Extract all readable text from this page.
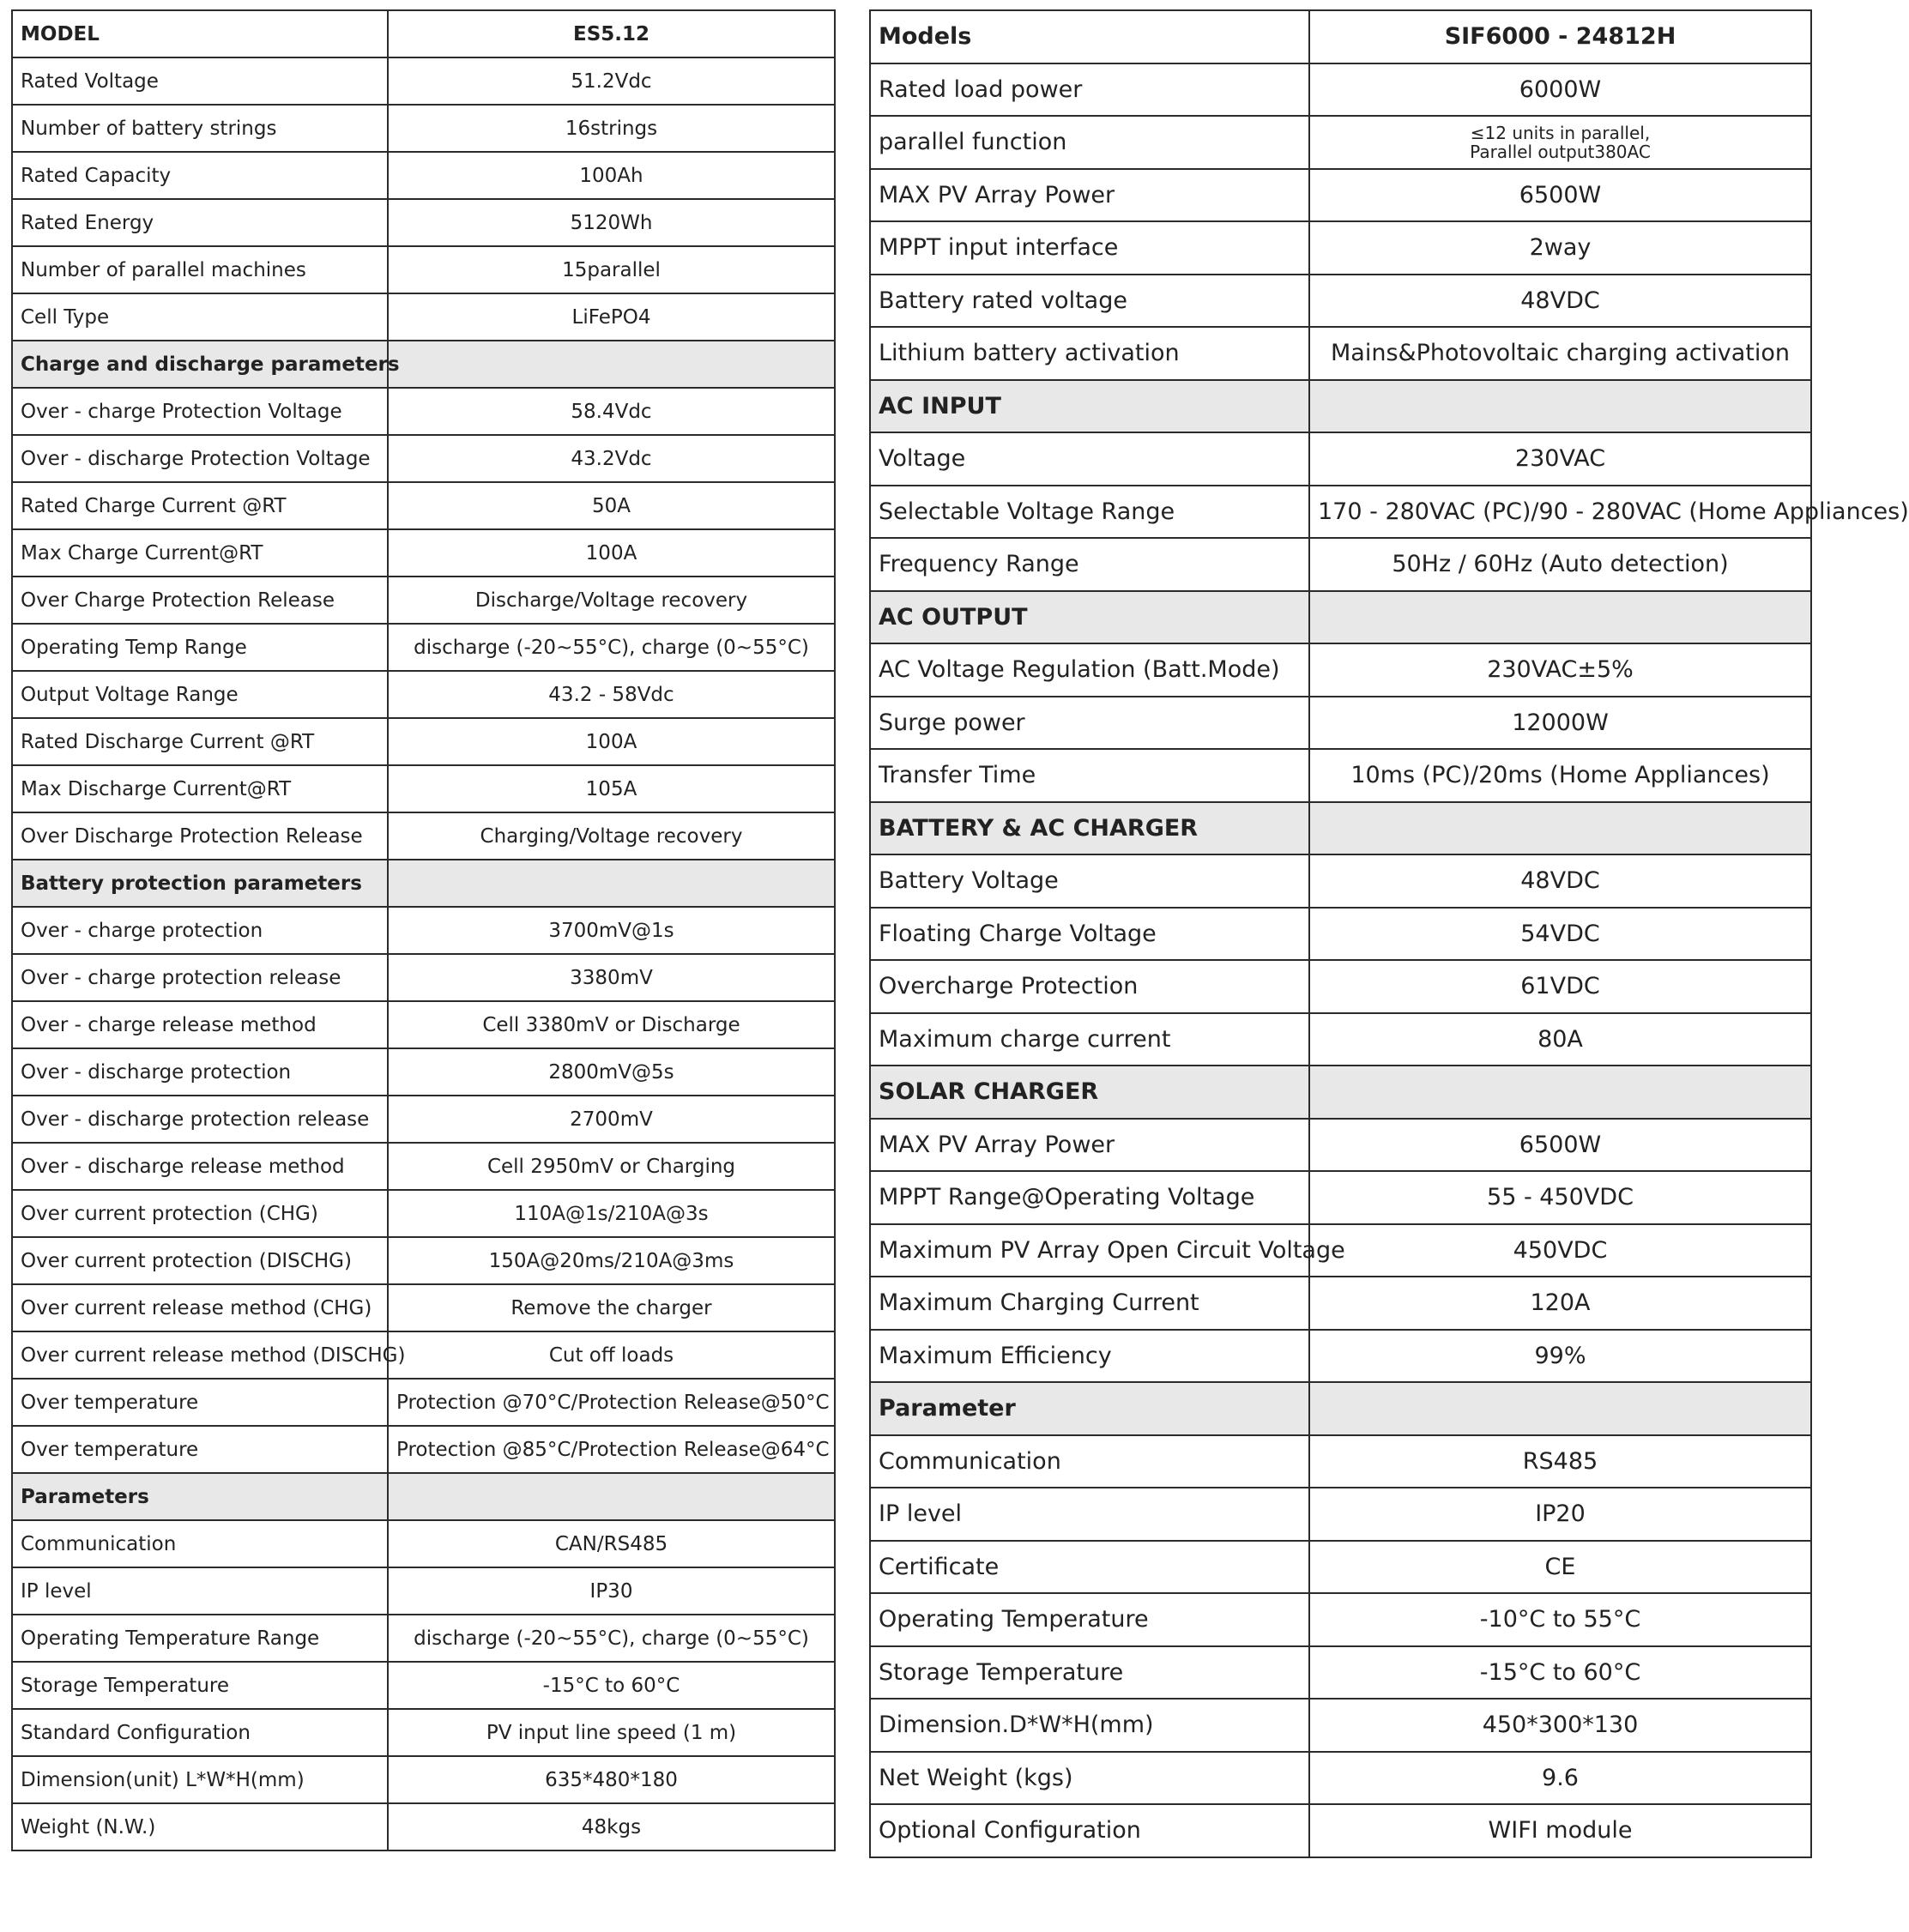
MODEL	ES5.12
Rated Voltage	51.2Vdc
Number of battery strings	16strings
Rated Capacity	100Ah
Rated Energy	5120Wh
Number of parallel machines	15parallel
Cell Type	LiFePO4
Charge and discharge parameters	
Over - charge Protection Voltage	58.4Vdc
Over - discharge Protection Voltage	43.2Vdc
Rated Charge Current @RT	50A
Max Charge Current@RT	100A
Over Charge Protection Release	Discharge/Voltage recovery
Operating Temp Range	discharge (-20~55°C), charge (0~55°C)
Output Voltage Range	43.2 - 58Vdc
Rated Discharge Current @RT	100A
Max Discharge Current@RT	105A
Over Discharge Protection Release	Charging/Voltage recovery
Battery protection parameters	
Over - charge protection	3700mV@1s
Over - charge protection release	3380mV
Over - charge release method	Cell 3380mV or Discharge
Over - discharge protection	2800mV@5s
Over - discharge protection release	2700mV
Over - discharge release method	Cell 2950mV or Charging
Over current protection (CHG)	110A@1s/210A@3s
Over current protection (DISCHG)	150A@20ms/210A@3ms
Over current release method (CHG)	Remove the charger
Over current release method (DISCHG)	Cut off loads
Over temperature	Protection @70°C/Protection Release@50°C
Over temperature	Protection @85°C/Protection Release@64°C
Parameters	
Communication	CAN/RS485
IP level	IP30
Operating Temperature Range	discharge (-20~55°C), charge (0~55°C)
Storage Temperature	-15°C to 60°C
Standard Configuration	PV input line speed (1 m)
Dimension(unit) L*W*H(mm)	635*480*180
Weight (N.W.)	48kgs
Models	SIF6000 - 24812H
Rated load power	6000W
parallel function	≤12 units in parallel,
Parallel output380AC

MAX PV Array Power	6500W
MPPT input interface	2way
Battery rated voltage	48VDC
Lithium battery activation	Mains&Photovoltaic charging activation
AC INPUT	
Voltage	230VAC
Selectable Voltage Range	170 - 280VAC (PC)/90 - 280VAC (Home Appliances)
Frequency Range	50Hz / 60Hz (Auto detection)
AC OUTPUT	
AC Voltage Regulation (Batt.Mode)	230VAC±5%
Surge power	12000W
Transfer Time	10ms (PC)/20ms (Home Appliances)
BATTERY & AC CHARGER	
Battery Voltage	48VDC
Floating Charge Voltage	54VDC
Overcharge Protection	61VDC
Maximum charge current	80A
SOLAR CHARGER	
MAX PV Array Power	6500W
MPPT Range@Operating Voltage	55 - 450VDC
Maximum PV Array Open Circuit Voltage	450VDC
Maximum Charging Current	120A
Maximum Efficiency	99%
Parameter	
Communication	RS485
IP level	IP20
Certificate	CE
Operating Temperature	-10°C to 55°C
Storage Temperature	-15°C to 60°C
Dimension.D*W*H(mm)	450*300*130
Net Weight (kgs)	9.6
Optional Configuration	WIFI module
